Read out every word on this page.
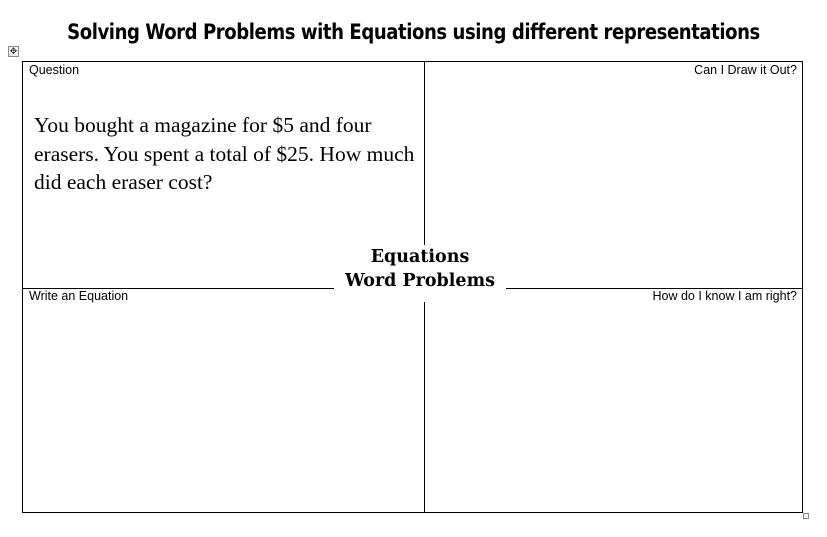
Solving Word Problems with Equations using different representations
✥
Question	Can I Draw it Out?
Write an Equation	How do I know I am right?
You bought a magazine for $5 and four erasers. You spent a total of $25. How much did each eraser cost?
Equations
Word Problems
